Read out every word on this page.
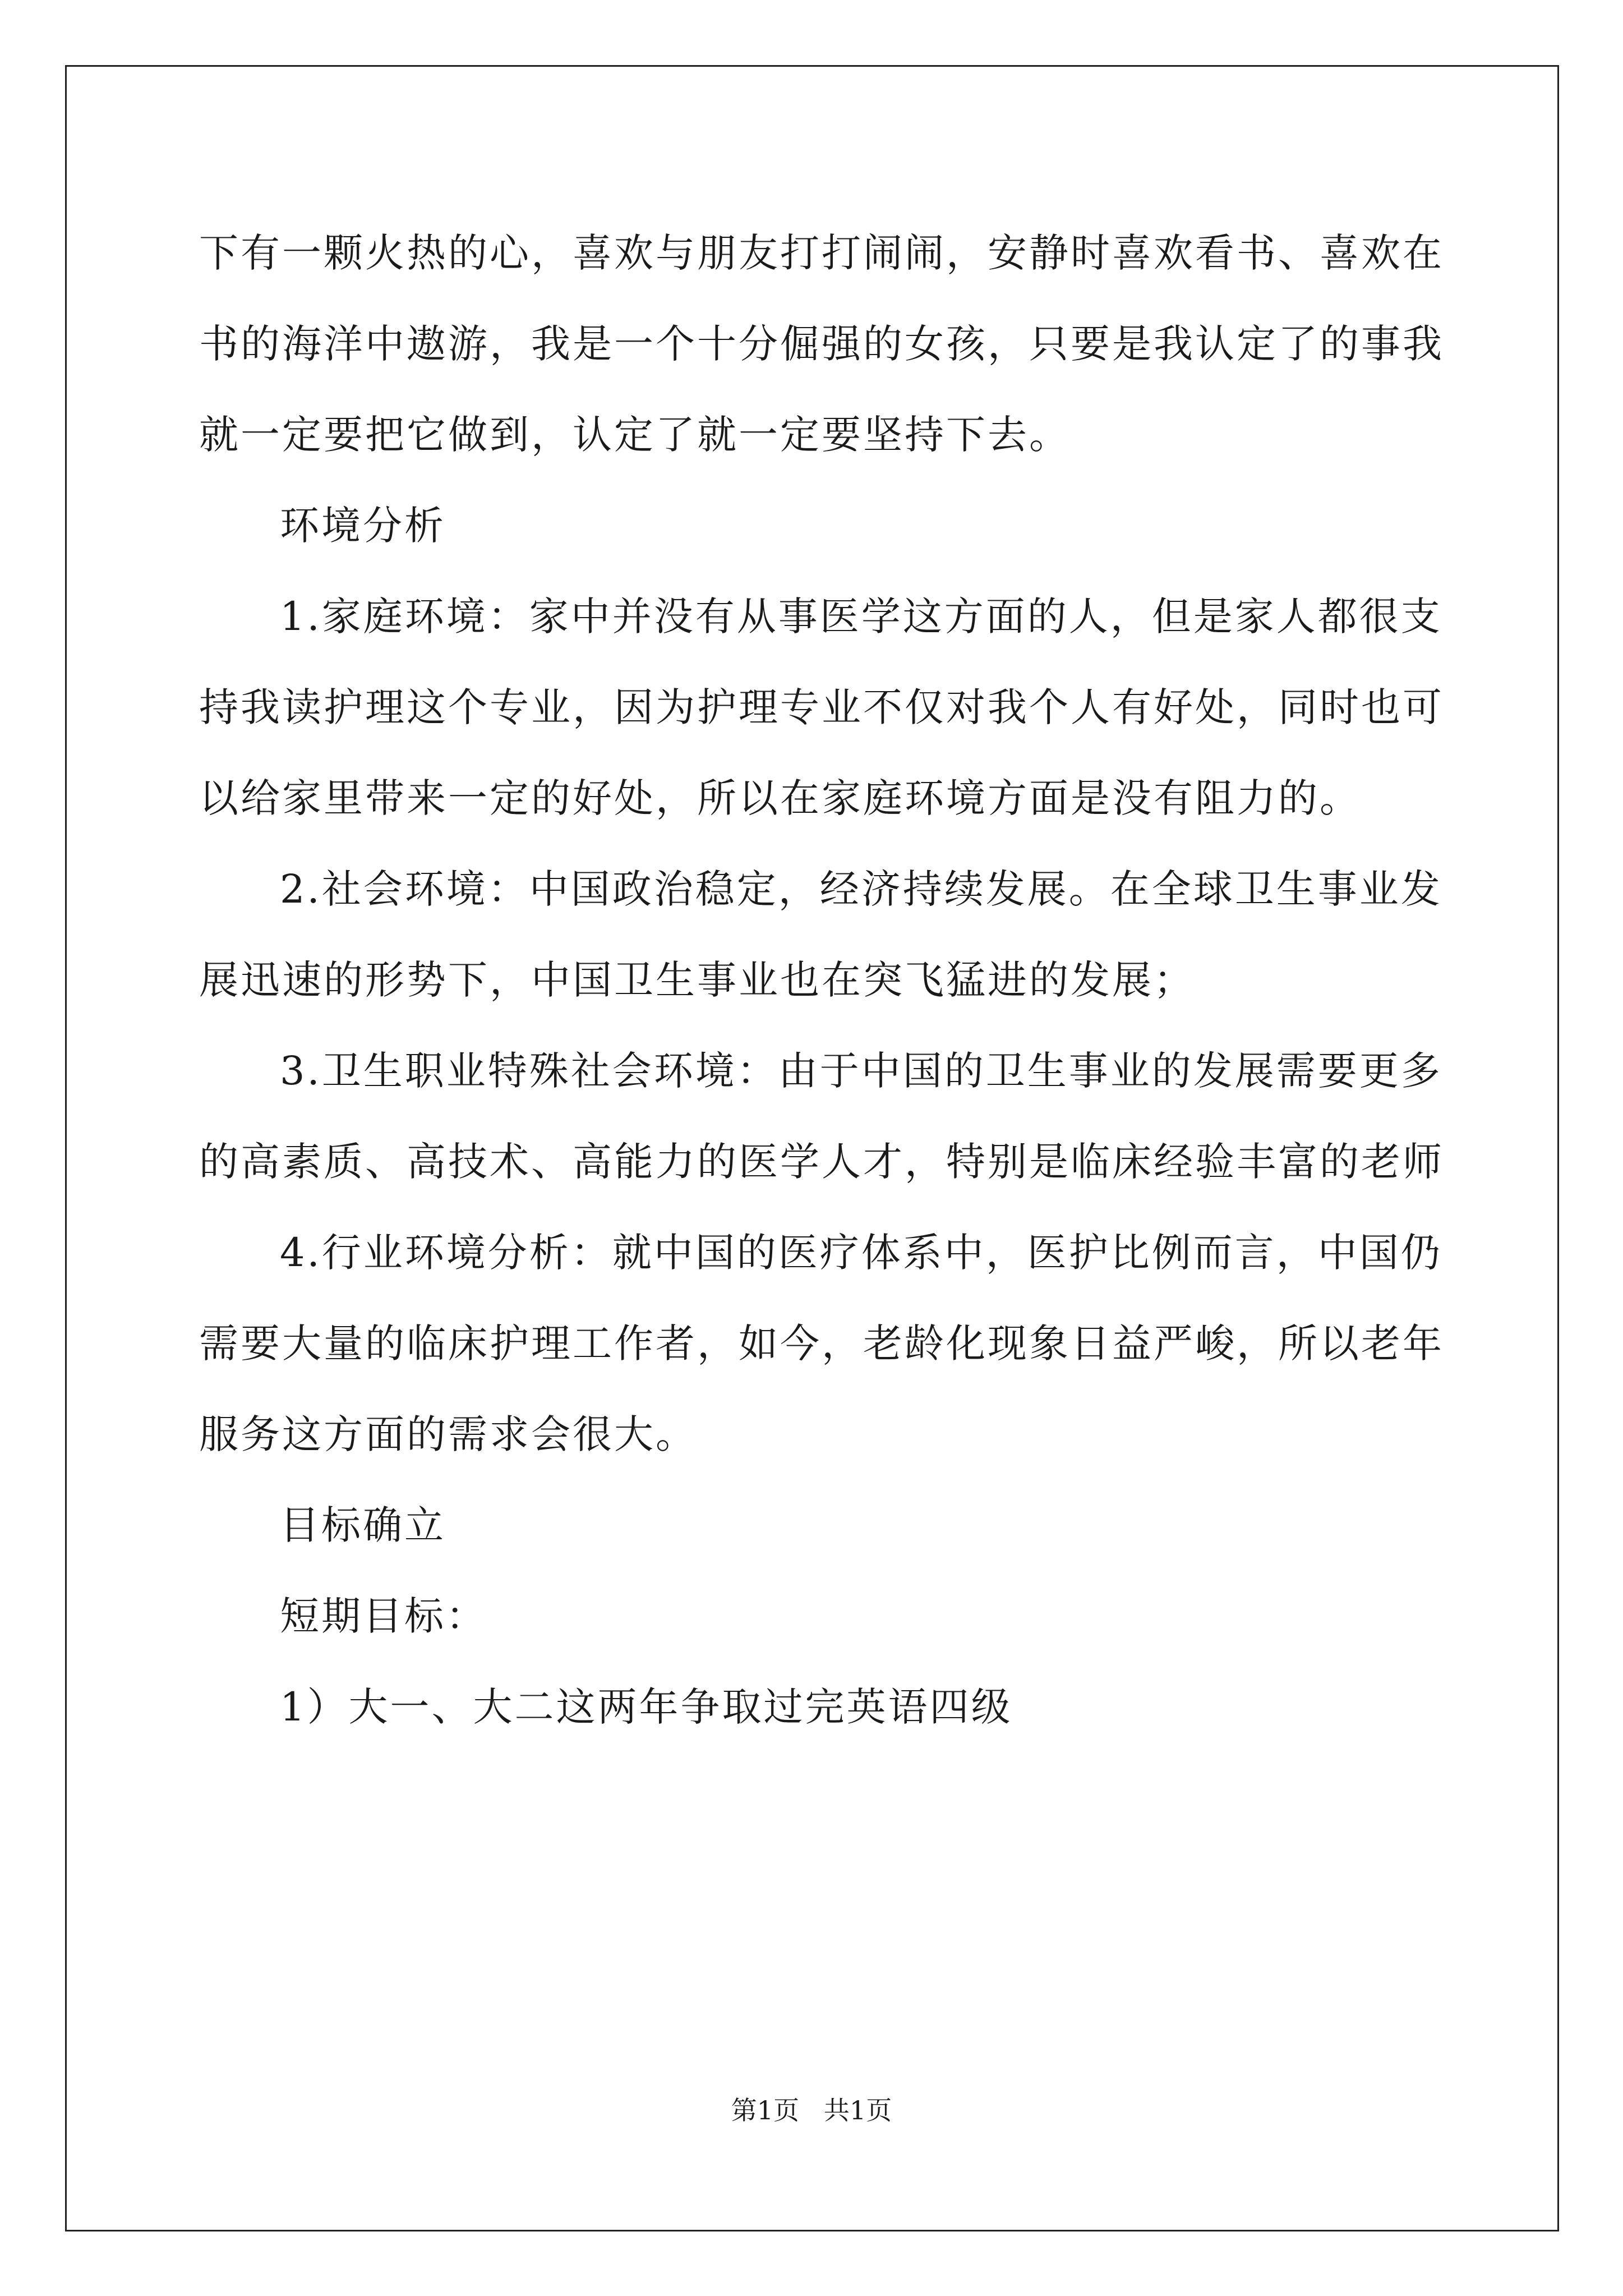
下有一颗火热的心，喜欢与朋友打打闹闹，安静时喜欢看书、喜欢在
书的海洋中遨游，我是一个十分倔强的女孩，只要是我认定了的事我
就一定要把它做到，认定了就一定要坚持下去。
环境分析
1.家庭环境：家中并没有从事医学这方面的人，但是家人都很支
持我读护理这个专业，因为护理专业不仅对我个人有好处，同时也可
以给家里带来一定的好处，所以在家庭环境方面是没有阻力的。
2.社会环境：中国政治稳定，经济持续发展。在全球卫生事业发
展迅速的形势下，中国卫生事业也在突飞猛进的发展；
3.卫生职业特殊社会环境：由于中国的卫生事业的发展需要更多
的高素质、高技术、高能力的医学人才，特别是临床经验丰富的老师
4.行业环境分析：就中国的医疗体系中，医护比例而言，中国仍
需要大量的临床护理工作者，如今，老龄化现象日益严峻，所以老年
服务这方面的需求会很大。
目标确立
短期目标：
1）大一、大二这两年争取过完英语四级
第1页   共1页
